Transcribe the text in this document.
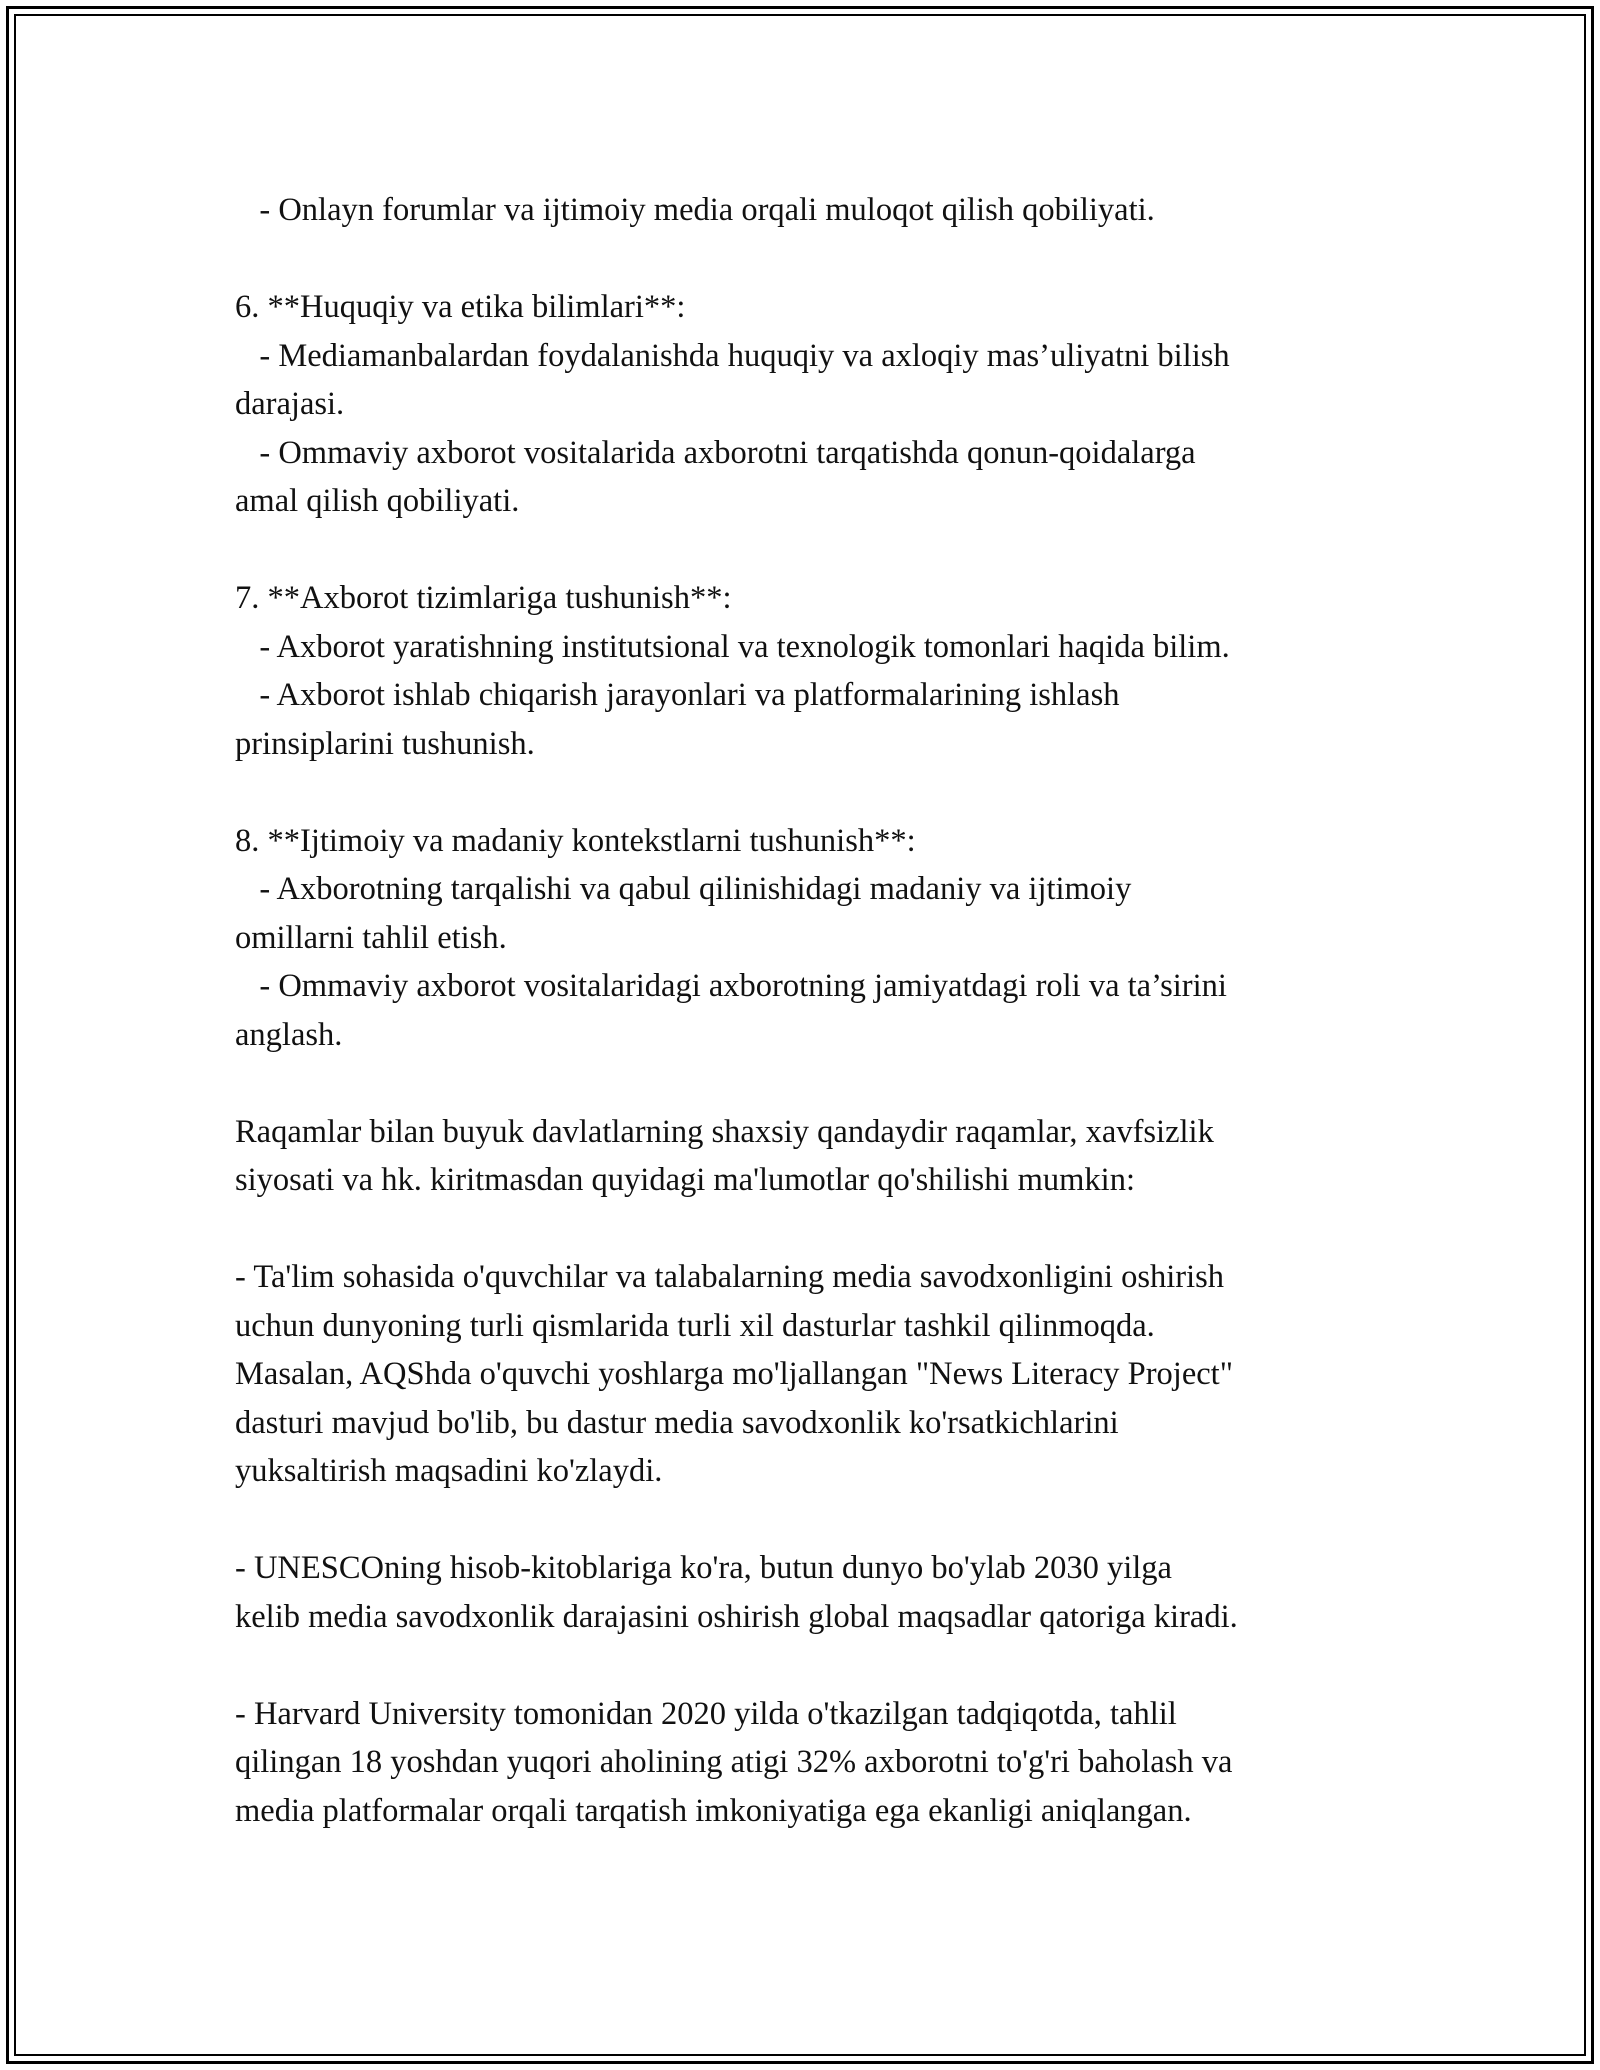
- Onlayn forumlar va ijtimoiy media orqali muloqot qilish qobiliyati.
6. **Huquqiy va etika bilimlari**:
- Mediamanbalardan foydalanishda huquqiy va axloqiy mas’uliyatni bilish
darajasi.
- Ommaviy axborot vositalarida axborotni tarqatishda qonun-qoidalarga
amal qilish qobiliyati.
7. **Axborot tizimlariga tushunish**:
- Axborot yaratishning institutsional va texnologik tomonlari haqida bilim.
- Axborot ishlab chiqarish jarayonlari va platformalarining ishlash
prinsiplarini tushunish.
8. **Ijtimoiy va madaniy kontekstlarni tushunish**:
- Axborotning tarqalishi va qabul qilinishidagi madaniy va ijtimoiy
omillarni tahlil etish.
- Ommaviy axborot vositalaridagi axborotning jamiyatdagi roli va ta’sirini
anglash.
Raqamlar bilan buyuk davlatlarning shaxsiy qandaydir raqamlar, xavfsizlik
siyosati va hk. kiritmasdan quyidagi ma'lumotlar qo'shilishi mumkin:
- Ta'lim sohasida o'quvchilar va talabalarning media savodxonligini oshirish
uchun dunyoning turli qismlarida turli xil dasturlar tashkil qilinmoqda.
Masalan, AQShda o'quvchi yoshlarga mo'ljallangan "News Literacy Project"
dasturi mavjud bo'lib, bu dastur media savodxonlik ko'rsatkichlarini
yuksaltirish maqsadini ko'zlaydi.
- UNESCOning hisob-kitoblariga ko'ra, butun dunyo bo'ylab 2030 yilga
kelib media savodxonlik darajasini oshirish global maqsadlar qatoriga kiradi.
- Harvard University tomonidan 2020 yilda o'tkazilgan tadqiqotda, tahlil
qilingan 18 yoshdan yuqori aholining atigi 32% axborotni to'g'ri baholash va
media platformalar orqali tarqatish imkoniyatiga ega ekanligi aniqlangan.
